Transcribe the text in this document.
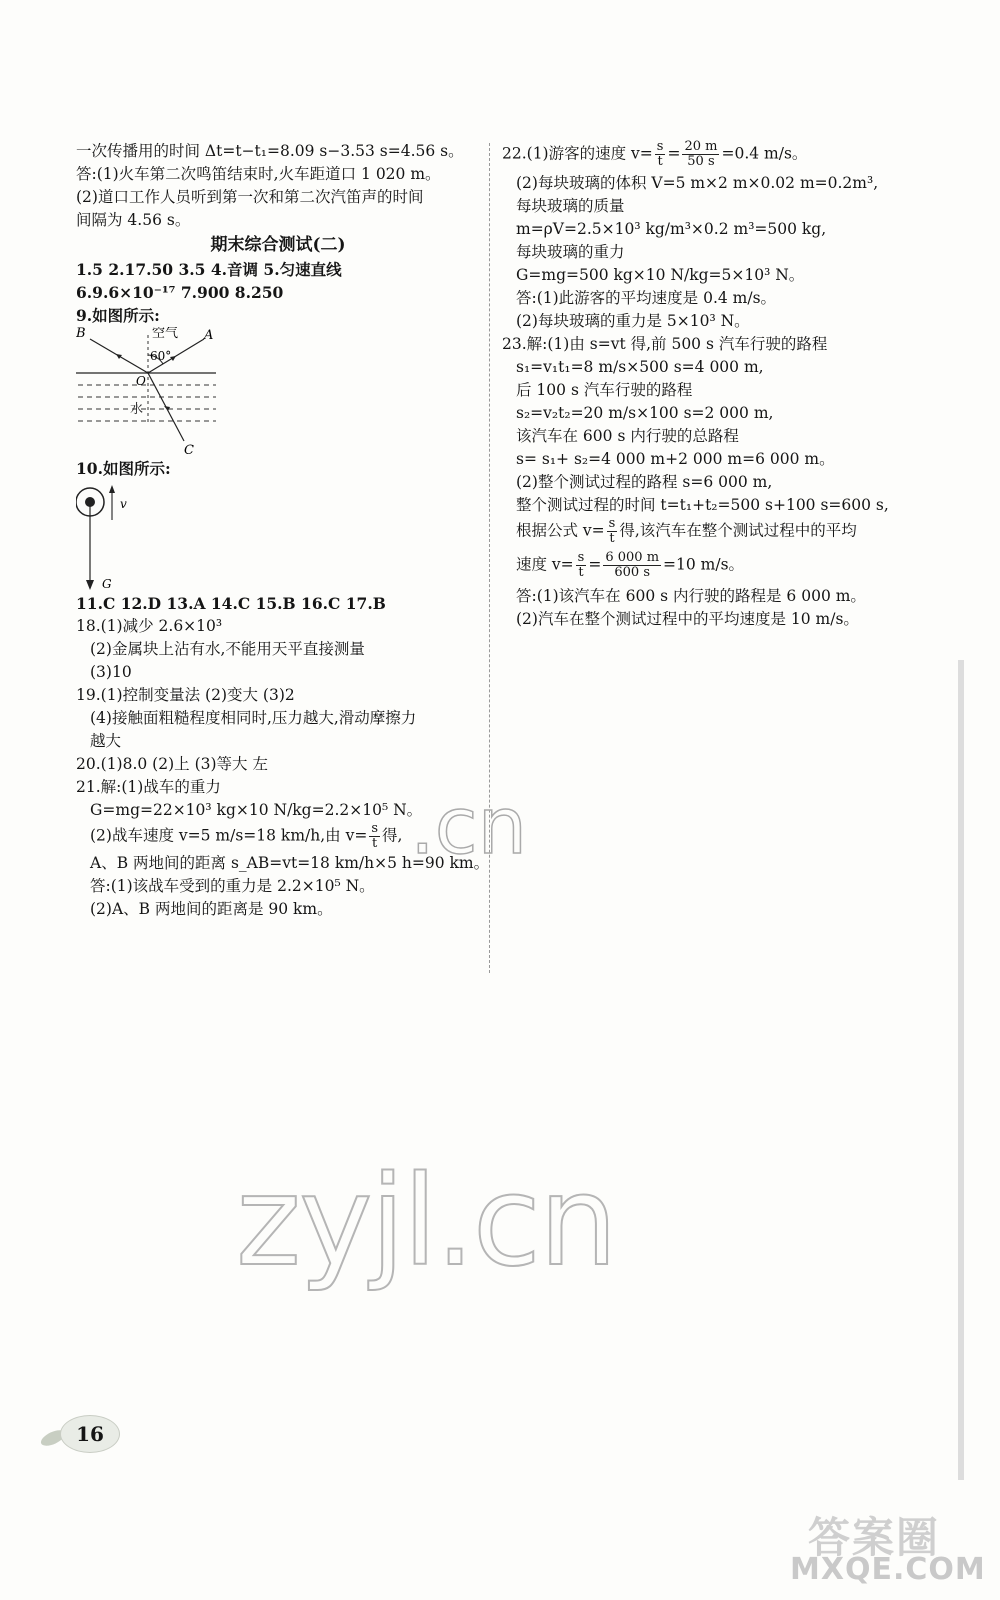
一次传播用的时间 Δt=t−t₁=8.09 s−3.53 s=4.56 s。
答:(1)火车第二次鸣笛结束时,火车距道口 1 020 m。
(2)道口工作人员听到第一次和第二次汽笛声的时间
间隔为 4.56 s。
期末综合测试(二)
1.5 2.17.50 3.5 4.音调 5.匀速直线
6.9.6×10⁻¹⁷ 7.900 8.250
9.如图所示:
B	A
C
O
空气
60°
水
10.如图所示:
v
G
11.C 12.D 13.A 14.C 15.B 16.C 17.B
18.(1)减少 2.6×10³
(2)金属块上沾有水,不能用天平直接测量
(3)10
19.(1)控制变量法 (2)变大 (3)2
(4)接触面粗糙程度相同时,压力越大,滑动摩擦力
越大
20.(1)8.0 (2)上 (3)等大 左
21.解:(1)战车的重力
G=mg=22×10³ kg×10 N/kg=2.2×10⁵ N。
(2)战车速度 v=5 m/s=18 km/h,由 $v= \frac{s}{t}$ 得,
A、B 两地间的距离 s_AB=vt=18 km/h×5 h=90 km。
答:(1)该战车受到的重力是 2.2×10⁵ N。
(2)A、B 两地间的距离是 90 km。
22.(1)游客的速度 $v= \frac{s}{t} = \frac{20 m}{50 s} =0.4$ m/s。
(2)每块玻璃的体积 V=5 m×2 m×0.02 m=0.2m³,
每块玻璃的质量
m=ρV=2.5×10³ kg/m³×0.2 m³=500 kg,
每块玻璃的重力
G=mg=500 kg×10 N/kg=5×10³ N。
答:(1)此游客的平均速度是 0.4 m/s。
(2)每块玻璃的重力是 5×10³ N。
23.解:(1)由 s=vt 得,前 500 s 汽车行驶的路程
s₁=v₁t₁=8 m/s×500 s=4 000 m,
后 100 s 汽车行驶的路程
s₂=v₂t₂=20 m/s×100 s=2 000 m,
该汽车在 600 s 内行驶的总路程
s= s₁+ s₂=4 000 m+2 000 m=6 000 m。
(2)整个测试过程的路程 s=6 000 m,
整个测试过程的时间 t=t₁+t₂=500 s+100 s=600 s,
根据公式 $v= \frac{s}{t}$ 得,该汽车在整个测试过程中的平均
速度 $v= \frac{s}{t} = \frac{6 000 m}{600 s} =10$ m/s。
答:(1)该汽车在 600 s 内行驶的路程是 6 000 m。
(2)汽车在整个测试过程中的平均速度是 10 m/s。
.cn
zyjl.cn
16
答案圈
MXQE.COM
